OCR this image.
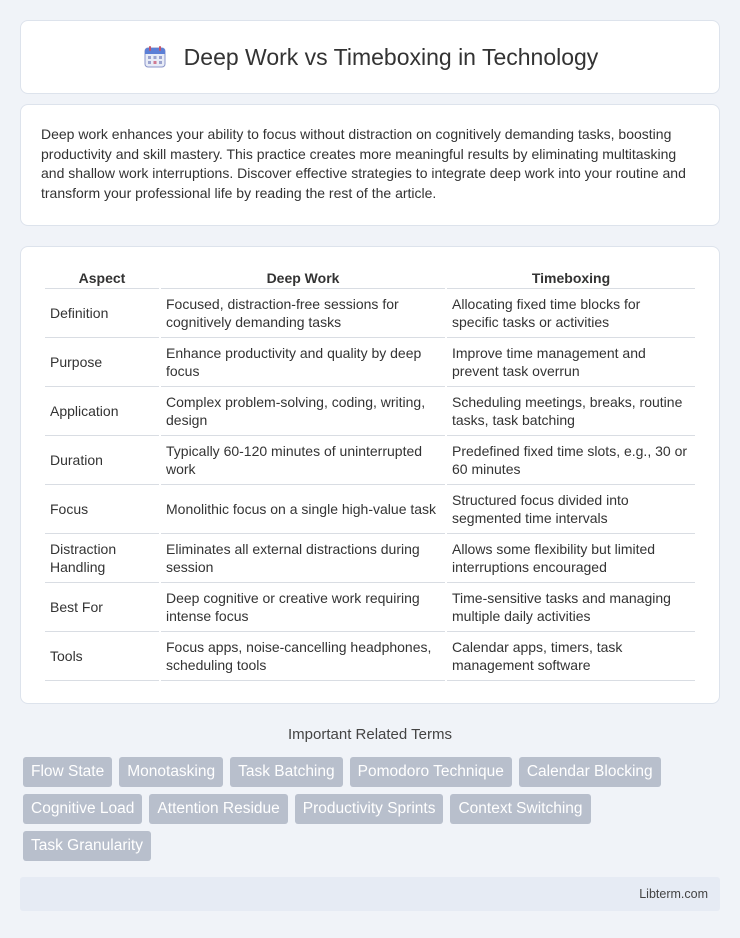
Deep Work vs Timeboxing in Technology
Deep work enhances your ability to focus without distraction on cognitively demanding tasks, boosting productivity and skill mastery. This practice creates more meaningful results by eliminating multitasking and shallow work interruptions. Discover effective strategies to integrate deep work into your routine and transform your professional life by reading the rest of the article.
Aspect	Deep Work	Timeboxing
Definition	Focused, distraction-free sessions for cognitively demanding tasks	Allocating fixed time blocks for specific tasks or activities
Purpose	Enhance productivity and quality by deep focus	Improve time management and prevent task overrun
Application	Complex problem-solving, coding, writing, design	Scheduling meetings, breaks, routine tasks, task batching
Duration	Typically 60-120 minutes of uninterrupted work	Predefined fixed time slots, e.g., 30 or 60 minutes
Focus	Monolithic focus on a single high-value task	Structured focus divided into segmented time intervals
Distraction Handling	Eliminates all external distractions during session	Allows some flexibility but limited interruptions encouraged
Best For	Deep cognitive or creative work requiring intense focus	Time-sensitive tasks and managing multiple daily activities
Tools	Focus apps, noise-cancelling headphones, scheduling tools	Calendar apps, timers, task management software
Important Related Terms
Flow State	Monotasking	Task Batching	Pomodoro Technique	Calendar Blocking
Cognitive Load	Attention Residue	Productivity Sprints	Context Switching
Task Granularity
Libterm.com
